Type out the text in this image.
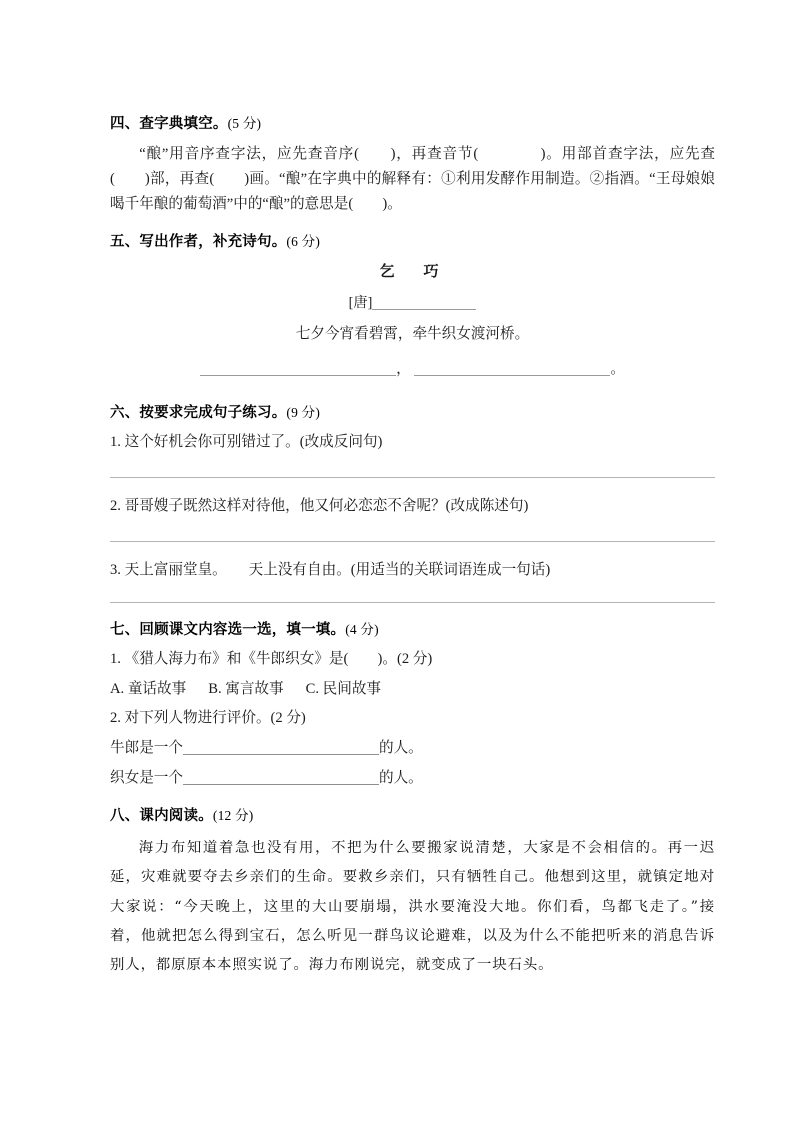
四、查字典填空。(5 分)

“酿”用音序查字法，应先查音序(　　)，再查音节(　　　　)。用部首查字法，应先查(　　)部，再查(　　)画。“酿”在字典中的解释有：①利用发酵作用制造。②指酒。“王母娘娘喝千年酿的葡萄酒”中的“酿”的意思是(　　)。

五、写出作者，补充诗句。(6 分)

乞　巧
[唐]
七夕今宵看碧霄，牵牛织女渡河桥。
，	。

六、按要求完成句子练习。(9 分)

1. 这个好机会你可别错过了。(改成反问句)

2. 哥哥嫂子既然这样对待他，他又何必恋恋不舍呢？(改成陈述句)

3. 天上富丽堂皇。　　天上没有自由。(用适当的关联词语连成一句话)

七、回顾课文内容选一选，填一填。(4 分)

1. 《猎人海力布》和《牛郎织女》是(　　)。(2 分)

A. 童话故事 B. 寓言故事 C. 民间故事

2. 对下列人物进行评价。(2 分)

牛郎是一个	的人。

织女是一个	的人。

八、课内阅读。(12 分)

海力布知道着急也没有用，不把为什么要搬家说清楚，大家是不会相信的。再一迟延，灾难就要夺去乡亲们的生命。要救乡亲们，只有牺牲自己。他想到这里，就镇定地对大家说：“今天晚上，这里的大山要崩塌，洪水要淹没大地。你们看，鸟都飞走了。”接着，他就把怎么得到宝石，怎么听见一群鸟议论避难，以及为什么不能把听来的消息告诉别人，都原原本本照实说了。海力布刚说完，就变成了一块石头。
